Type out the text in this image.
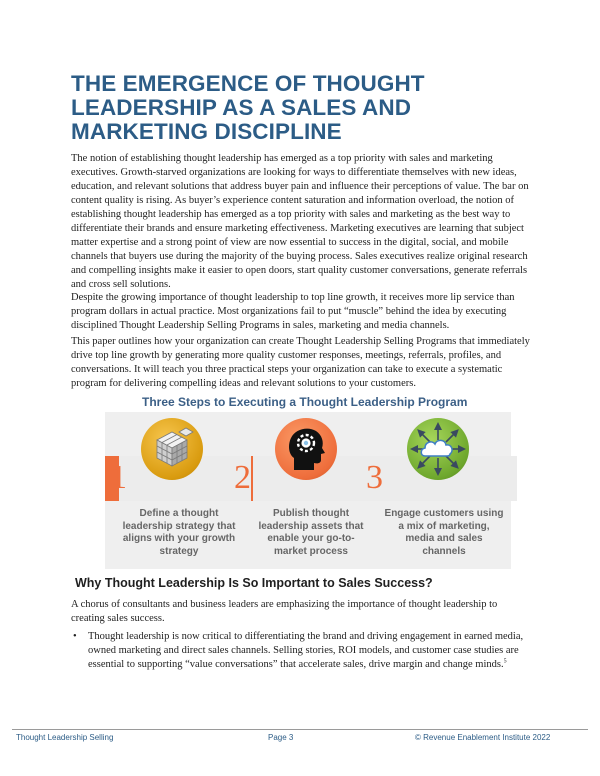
THE EMERGENCE OF THOUGHT LEADERSHIP AS A SALES AND MARKETING DISCIPLINE

The notion of establishing thought leadership has emerged as a top priority with sales and marketing executives. Growth-starved organizations are looking for ways to differentiate themselves with new ideas, education, and relevant solutions that address buyer pain and influence their perceptions of value. The bar on content quality is rising. As buyer’s experience content saturation and information overload, the notion of establishing thought leadership has emerged as a top priority with sales and marketing as the best way to differentiate their brands and ensure marketing effectiveness. Marketing executives are learning that subject matter expertise and a strong point of view are now essential to success in the digital, social, and mobile channels that buyers use during the majority of the buying process. Sales executives realize original research and compelling insights make it easier to open doors, start quality customer conversations, generate referrals and cross sell solutions.

Despite the growing importance of thought leadership to top line growth, it receives more lip service than program dollars in actual practice. Most organizations fail to put “muscle” behind the idea by executing disciplined Thought Leadership Selling Programs in sales, marketing and media channels.

This paper outlines how your organization can create Thought Leadership Selling Programs that immediately drive top line growth by generating more quality customer responses, meetings, referrals, profiles, and conversations. It will teach you three practical steps your organization can take to execute a systematic program for delivering compelling ideas and relevant solutions to your customers.

Three Steps to Executing a Thought Leadership Program

1	2	3

Define a thought leadership strategy that aligns with your growth strategy

Publish thought leadership assets that enable your go-to-market process

Engage customers using a mix of marketing, media and sales channels

Why Thought Leadership Is So Important to Sales Success?

A chorus of consultants and business leaders are emphasizing the importance of thought leadership to creating sales success.

• Thought leadership is now critical to differentiating the brand and driving engagement in earned media, owned marketing and direct sales channels. Selling stories, ROI models, and customer case studies are essential to supporting “value conversations” that accelerate sales, drive margin and change minds.$^5$

Thought Leadership Selling	Page 3	© Revenue Enablement Institute 2022
